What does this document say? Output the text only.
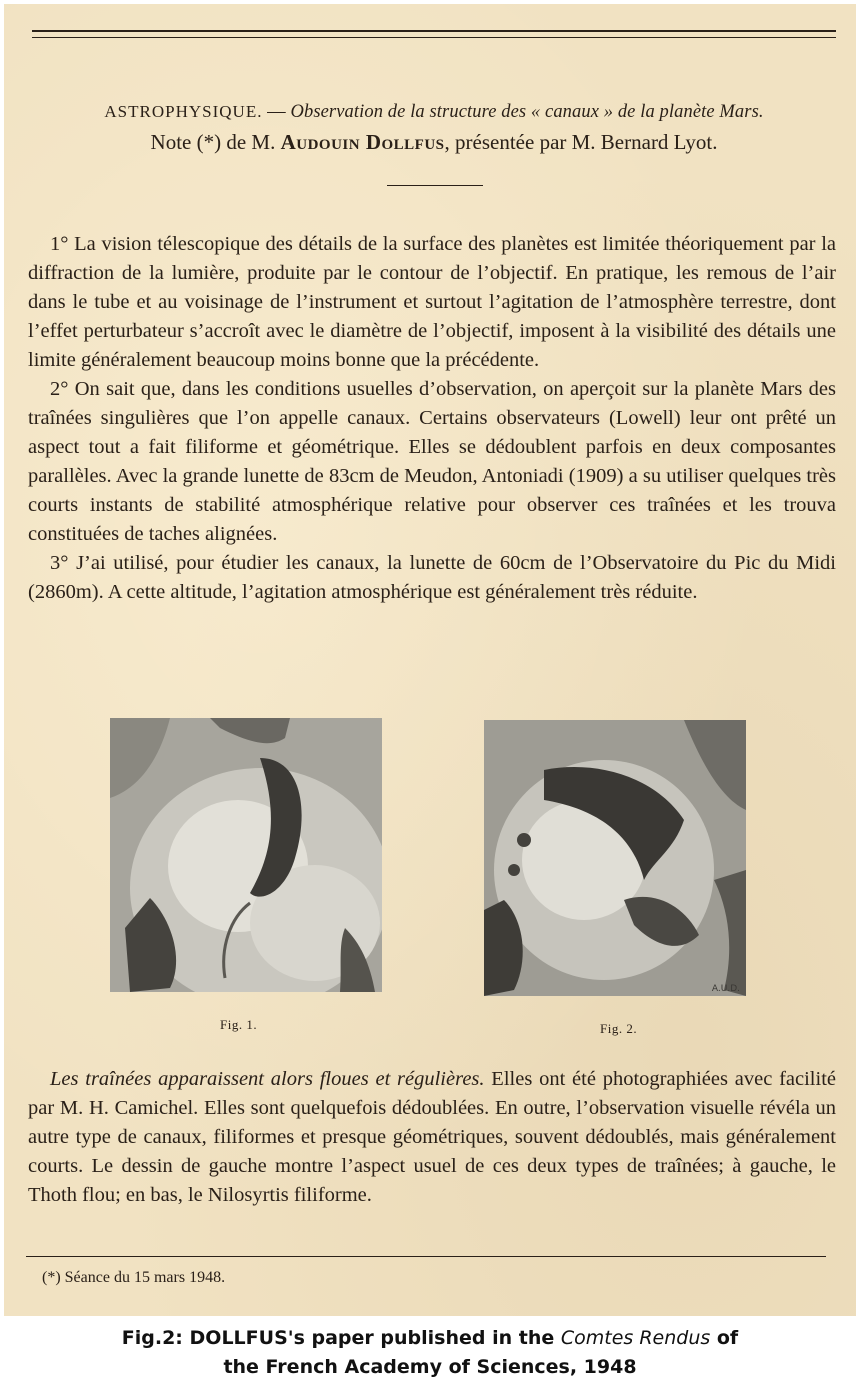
ASTROPHYSIQUE. — Observation de la structure des « canaux » de la planète Mars.
Note (*) de M. Audouin Dollfus, présentée par M. Bernard Lyot.

1° La vision télescopique des détails de la surface des planètes est limitée théoriquement par la diffraction de la lumière, produite par le contour de l’objectif. En pratique, les remous de l’air dans le tube et au voisinage de l’instrument et surtout l’agitation de l’atmosphère terrestre, dont l’effet perturbateur s’accroît avec le diamètre de l’objectif, imposent à la visibilité des détails une limite généralement beaucoup moins bonne que la précédente.

2° On sait que, dans les conditions usuelles d’observation, on aperçoit sur la planète Mars des traînées singulières que l’on appelle canaux. Certains observateurs (Lowell) leur ont prêté un aspect tout a fait filiforme et géométrique. Elles se dédoublent parfois en deux composantes parallèles. Avec la grande lunette de 83cm de Meudon, Antoniadi (1909) a su utiliser quelques très courts instants de stabilité atmosphérique relative pour observer ces traînées et les trouva constituées de taches alignées.

3° J’ai utilisé, pour étudier les canaux, la lunette de 60cm de l’Observatoire du Pic du Midi (2860m). A cette altitude, l’agitation atmosphérique est généralement très réduite.

Fig. 1.
A.U.D.
Fig. 2.

Les traînées apparaissent alors floues et régulières. Elles ont été photographiées avec facilité par M. H. Camichel. Elles sont quelquefois dédoublées. En outre, l’observation visuelle révéla un autre type de canaux, filiformes et presque géométriques, souvent dédoublés, mais généralement courts. Le dessin de gauche montre l’aspect usuel de ces deux types de traînées; à gauche, le Thoth flou; en bas, le Nilosyrtis filiforme.

(*) Séance du 15 mars 1948.
Fig.2: DOLLFUS's paper published in the Comtes Rendus of
the French Academy of Sciences, 1948
